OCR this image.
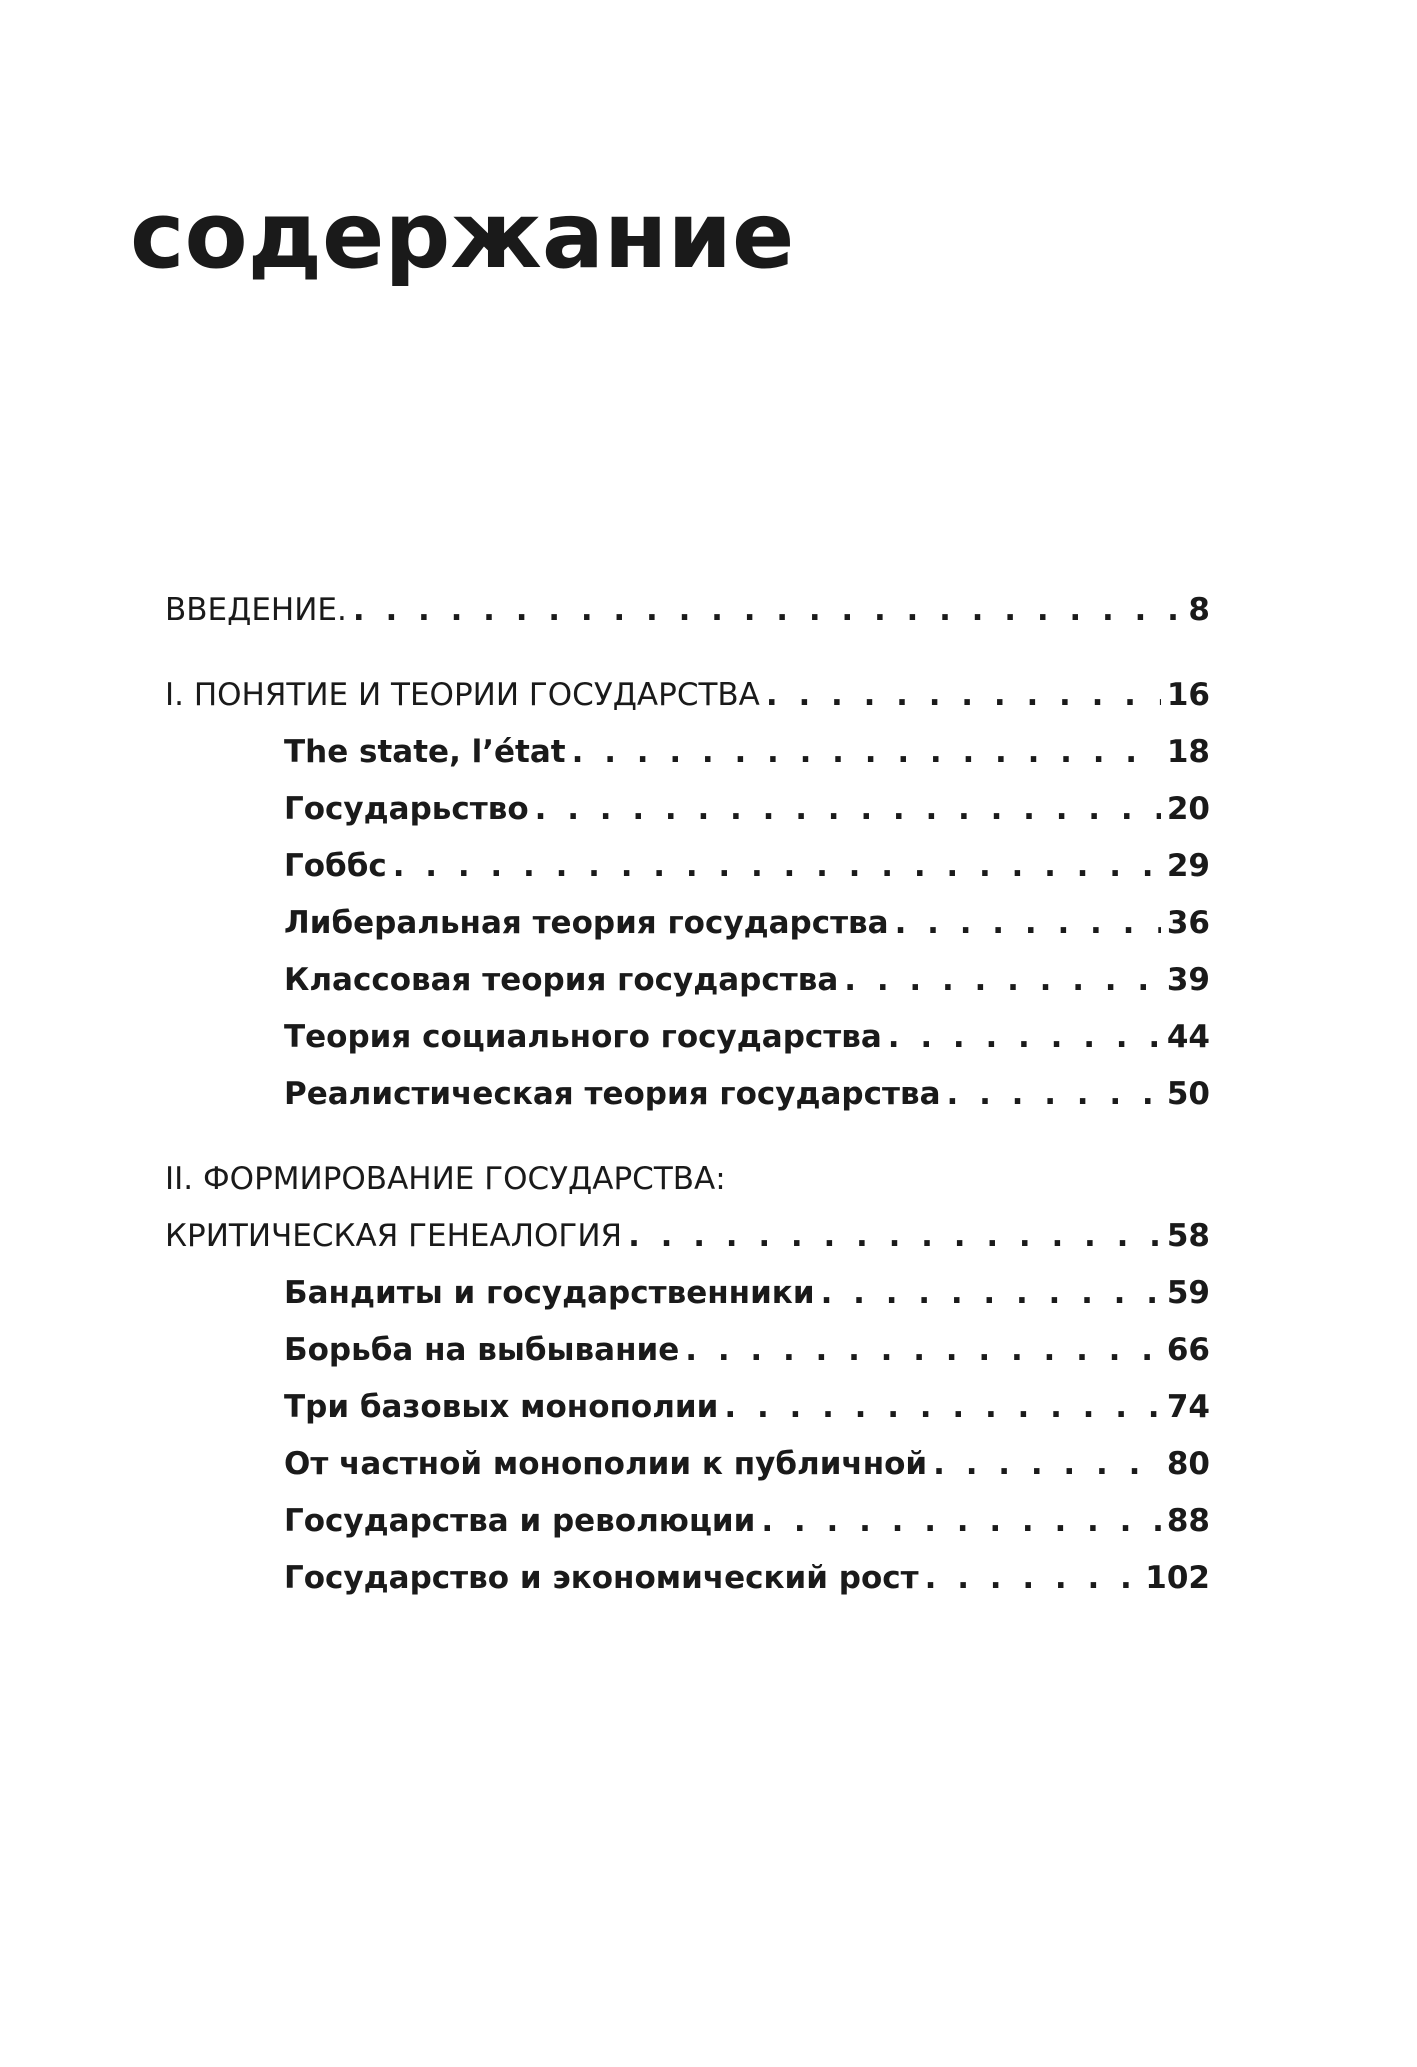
содержание
ВВЕДЕНИЕ. . . .	8
I. ПОНЯТИЕ И ТЕОРИИ ГОСУДАРСТВА . . .	16
The state, l’état . . .	18
Государьство . . .	20
Гоббс . . .	29
Либеральная теория государства . . .	36
Классовая теория государства . . .	39
Теория социального государства . . .	44
Реалистическая теория государства . . .	50
II. ФОРМИРОВАНИЕ ГОСУДАРСТВА:
КРИТИЧЕСКАЯ ГЕНЕАЛОГИЯ . . .	58
Бандиты и государственники . . .	59
Борьба на выбывание . . .	66
Три базовых монополии . . .	74
От частной монополии к публичной . . .	80
Государства и революции . . .	88
Государство и экономический рост . . .	102
